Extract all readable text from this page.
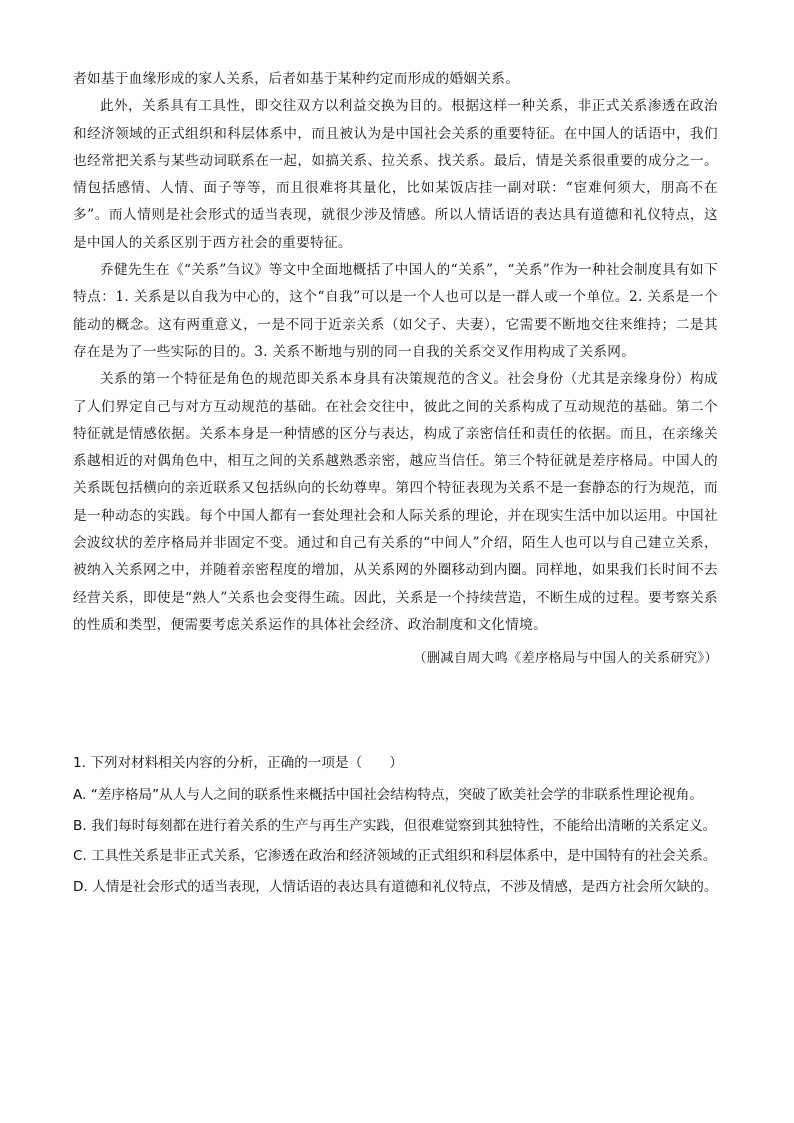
者如基于血缘形成的家人关系，后者如基于某种约定而形成的婚姻关系。

此外，关系具有工具性，即交往双方以利益交换为目的。根据这样一种关系，非正式关系渗透在政治和经济领域的正式组织和科层体系中，而且被认为是中国社会关系的重要特征。在中国人的话语中，我们也经常把关系与某些动词联系在一起，如搞关系、拉关系、找关系。最后，情是关系很重要的成分之一。情包括感情、人情、面子等等，而且很难将其量化，比如某饭店挂一副对联：“宦难何须大，朋高不在多”。而人情则是社会形式的适当表现，就很少涉及情感。所以人情话语的表达具有道德和礼仪特点，这是中国人的关系区别于西方社会的重要特征。

乔健先生在《“关系”刍议》等文中全面地概括了中国人的“关系”，“关系”作为一种社会制度具有如下特点：1. 关系是以自我为中心的，这个“自我”可以是一个人也可以是一群人或一个单位。2. 关系是一个能动的概念。这有两重意义，一是不同于近亲关系（如父子、夫妻），它需要不断地交往来维持；二是其存在是为了一些实际的目的。3. 关系不断地与别的同一自我的关系交叉作用构成了关系网。

关系的第一个特征是角色的规范即关系本身具有决策规范的含义。社会身份（尤其是亲缘身份）构成了人们界定自己与对方互动规范的基础。在社会交往中，彼此之间的关系构成了互动规范的基础。第二个特征就是情感依据。关系本身是一种情感的区分与表达，构成了亲密信任和责任的依据。而且，在亲缘关系越相近的对偶角色中，相互之间的关系越熟悉亲密，越应当信任。第三个特征就是差序格局。中国人的关系既包括横向的亲近联系又包括纵向的长幼尊卑。第四个特征表现为关系不是一套静态的行为规范，而是一种动态的实践。每个中国人都有一套处理社会和人际关系的理论，并在现实生活中加以运用。中国社会波纹状的差序格局并非固定不变。通过和自己有关系的“中间人”介绍，陌生人也可以与自己建立关系，被纳入关系网之中，并随着亲密程度的增加，从关系网的外圈移动到内圈。同样地，如果我们长时间不去经营关系，即使是“熟人”关系也会变得生疏。因此，关系是一个持续营造，不断生成的过程。要考察关系的性质和类型，便需要考虑关系运作的具体社会经济、政治制度和文化情境。

（删减自周大鸣《差序格局与中国人的关系研究》）

1. 下列对材料相关内容的分析，正确的一项是（　　）

A. “差序格局”从人与人之间的联系性来概括中国社会结构特点，突破了欧美社会学的非联系性理论视角。

B. 我们每时每刻都在进行着关系的生产与再生产实践，但很难觉察到其独特性，不能给出清晰的关系定义。

C. 工具性关系是非正式关系，它渗透在政治和经济领域的正式组织和科层体系中，是中国特有的社会关系。

D. 人情是社会形式的适当表现，人情话语的表达具有道德和礼仪特点，不涉及情感，是西方社会所欠缺的。
